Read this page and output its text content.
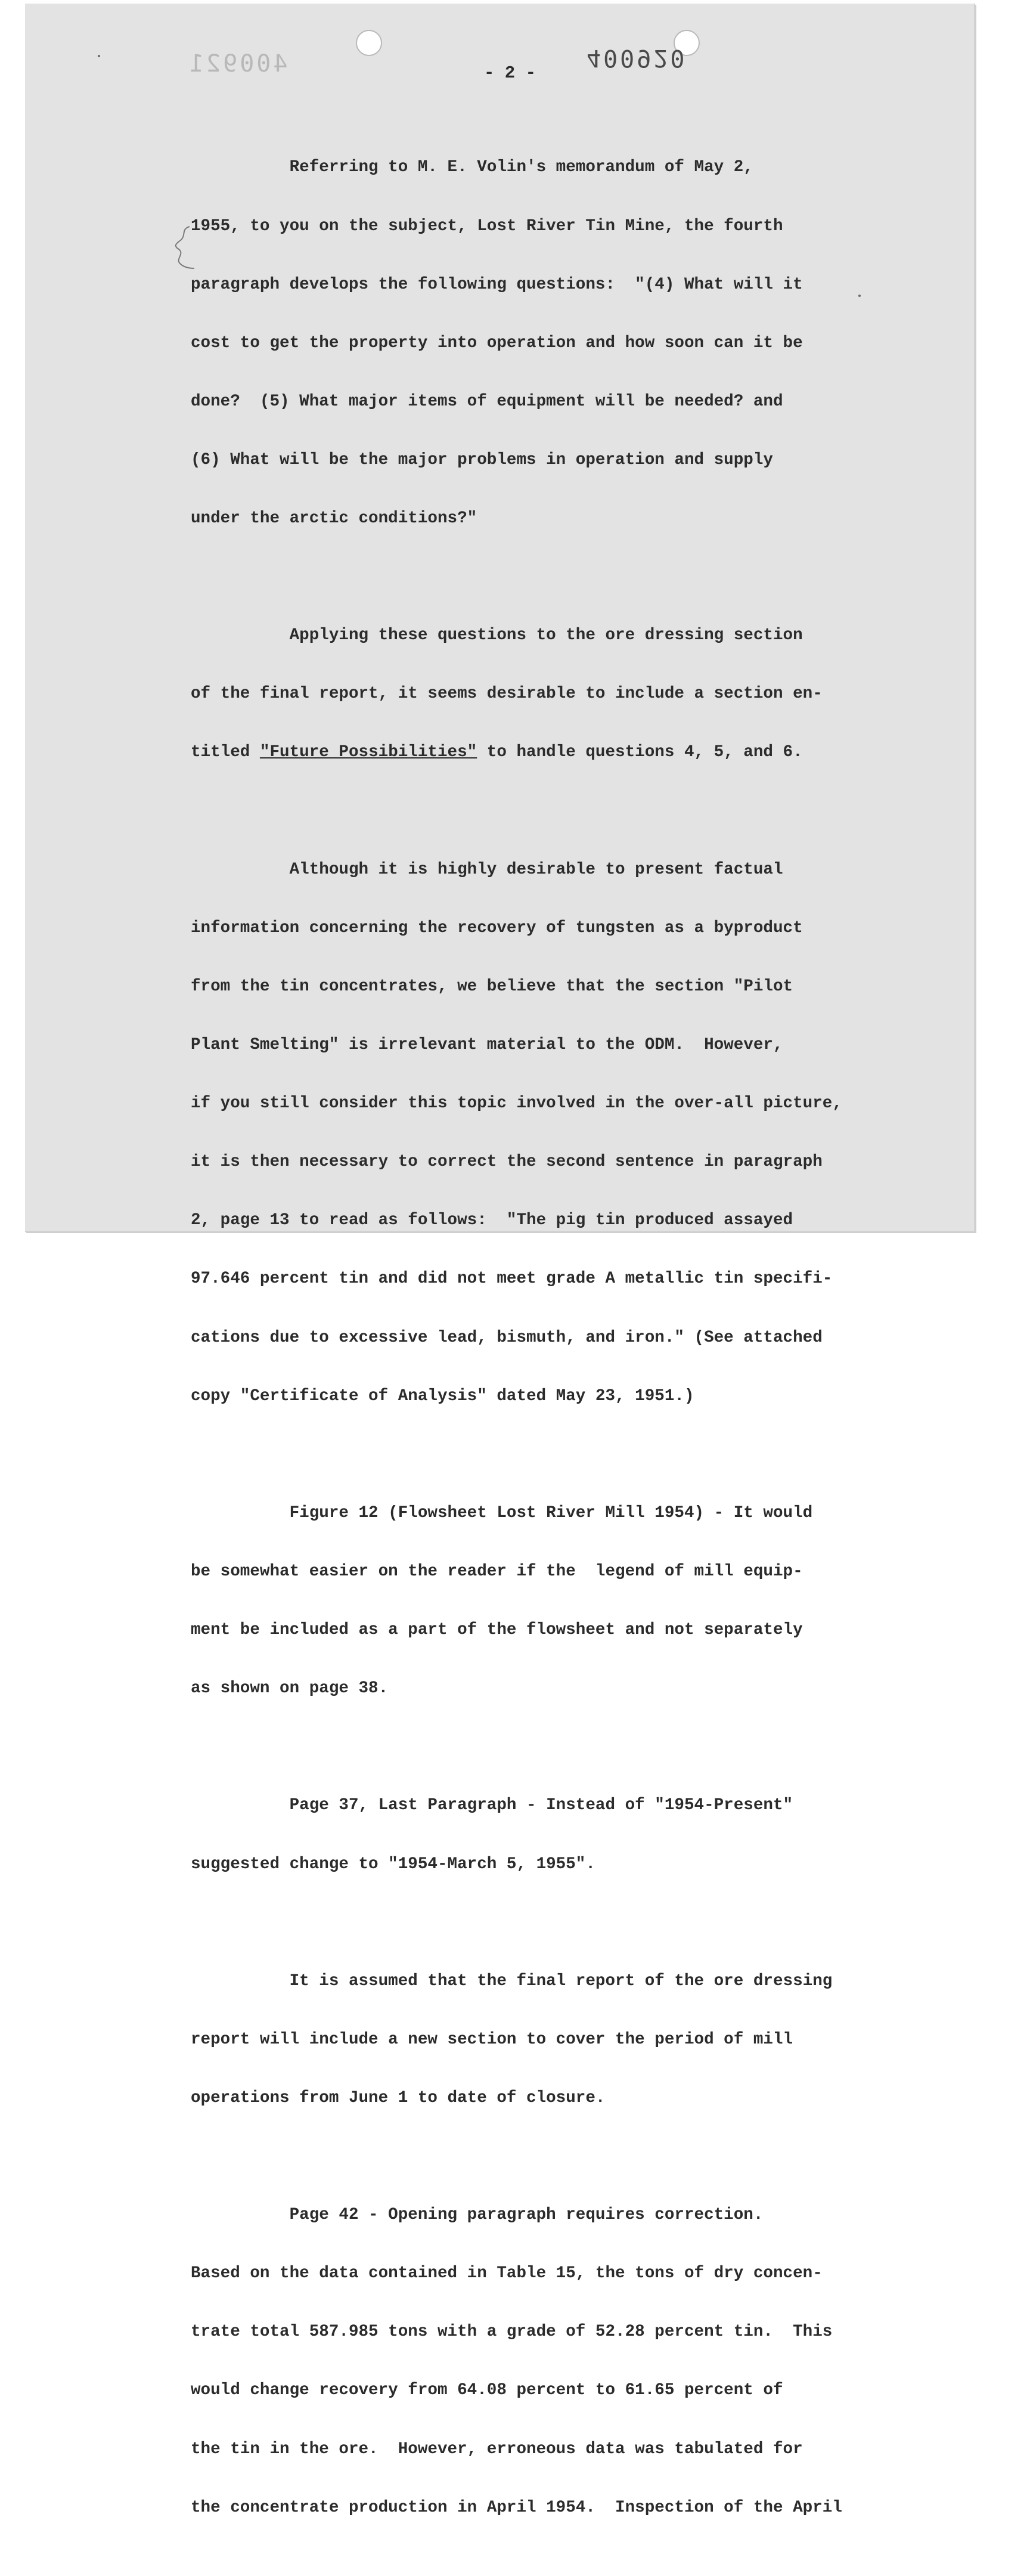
400921	400920
- 2 -

Referring to M. E. Volin's memorandum of May 2,

1955, to you on the subject, Lost River Tin Mine, the fourth

paragraph develops the following questions:  "(4) What will it

cost to get the property into operation and how soon can it be

done?  (5) What major items of equipment will be needed? and

(6) What will be the major problems in operation and supply

under the arctic conditions?"

Applying these questions to the ore dressing section

of the final report, it seems desirable to include a section en-

titled "Future Possibilities" to handle questions 4, 5, and 6.

Although it is highly desirable to present factual

information concerning the recovery of tungsten as a byproduct

from the tin concentrates, we believe that the section "Pilot

Plant Smelting" is irrelevant material to the ODM.  However,

if you still consider this topic involved in the over-all picture,

it is then necessary to correct the second sentence in paragraph

2, page 13 to read as follows:  "The pig tin produced assayed

97.646 percent tin and did not meet grade A metallic tin specifi-

cations due to excessive lead, bismuth, and iron." (See attached

copy "Certificate of Analysis" dated May 23, 1951.)

Figure 12 (Flowsheet Lost River Mill 1954) - It would

be somewhat easier on the reader if the  legend of mill equip-

ment be included as a part of the flowsheet and not separately

as shown on page 38.

Page 37, Last Paragraph - Instead of "1954-Present"

suggested change to "1954-March 5, 1955".

It is assumed that the final report of the ore dressing

report will include a new section to cover the period of mill

operations from June 1 to date of closure.

Page 42 - Opening paragraph requires correction.

Based on the data contained in Table 15, the tons of dry concen-

trate total 587.985 tons with a grade of 52.28 percent tin.  This

would change recovery from 64.08 percent to 61.65 percent of

the tin in the ore.  However, erroneous data was tabulated for

the concentrate production in April 1954.  Inspection of the April
